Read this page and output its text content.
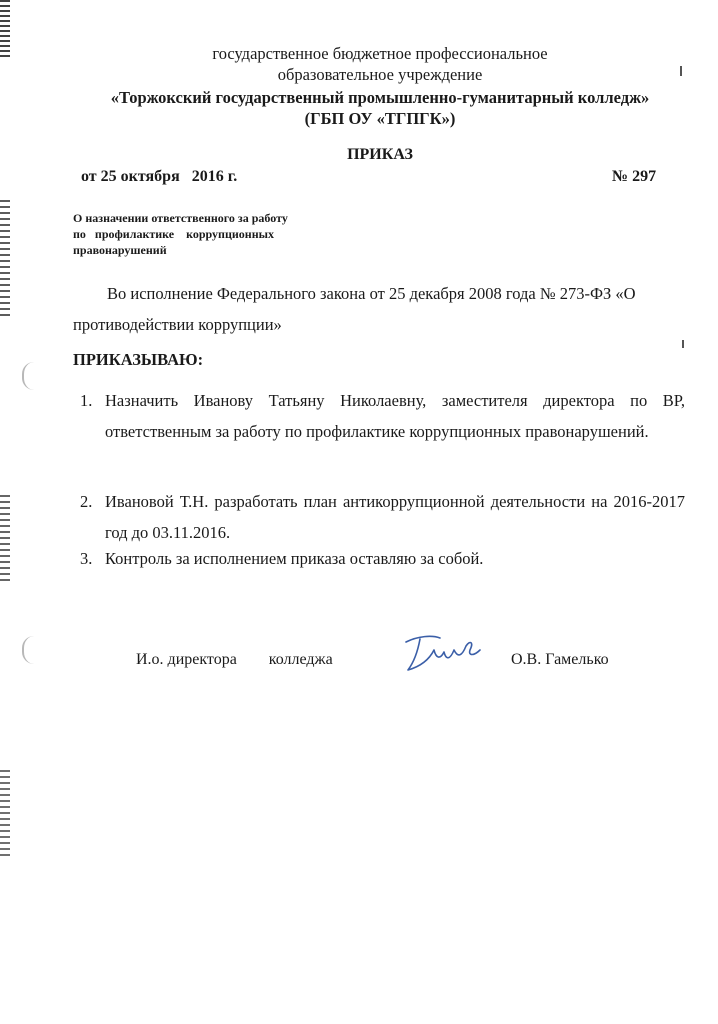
государственное бюджетное профессиональное
образовательное учреждение
«Торжокский государственный промышленно-гуманитарный колледж»
(ГБП ОУ «ТГПГК»)
ПРИКАЗ
от 25 октября   2016 г.	№ 297
О назначении ответственного за работу
по   профилактике    коррупционных
правонарушений
Во исполнение Федерального закона от 25 декабря 2008 года № 273-ФЗ «О
противодействии коррупции»
ПРИКАЗЫВАЮ:
1. Назначить Иванову Татьяну Николаевну, заместителя директора по ВР, ответственным за работу по профилактике коррупционных правонарушений.
2. Ивановой Т.Н. разработать план антикоррупционной деятельности на 2016-2017 год до 03.11.2016.
3. Контроль за исполнением приказа оставляю за собой.
И.о. директора        колледжа	О.В. Гамелько
